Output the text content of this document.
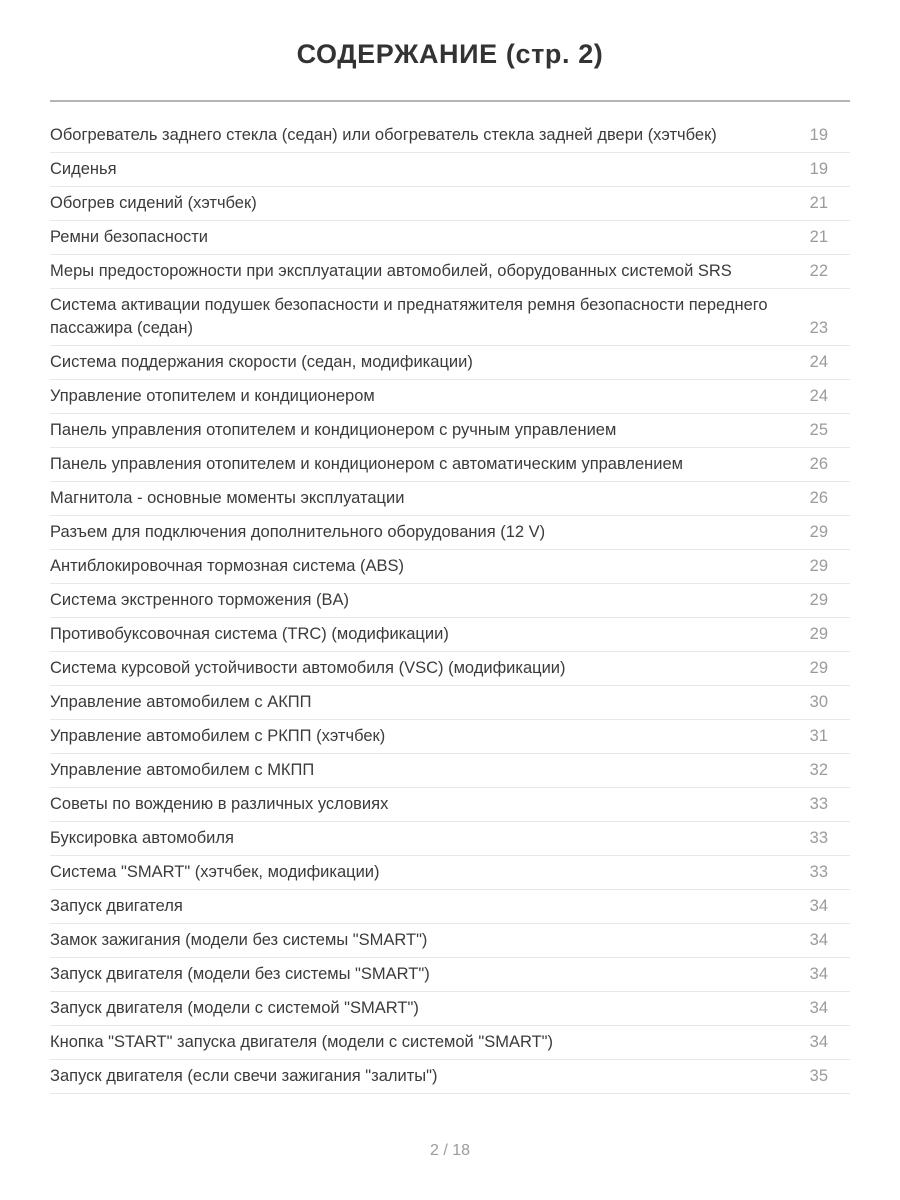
СОДЕРЖАНИЕ (стр. 2)
Обогреватель заднего стекла (седан) или обогреватель стекла задней двери (хэтчбек)	19
Сиденья	19
Обогрев сидений (хэтчбек)	21
Ремни безопасности	21
Меры предосторожности при эксплуатации автомобилей, оборудованных системой SRS	22
Система активации подушек безопасности и преднатяжителя ремня безопасности переднего пассажира (седан)	23
Система поддержания скорости (седан, модификации)	24
Управление отопителем и кондиционером	24
Панель управления отопителем и кондиционером с ручным управлением	25
Панель управления отопителем и кондиционером с автоматическим управлением	26
Магнитола - основные моменты эксплуатации	26
Разъем для подключения дополнительного оборудования (12 V)	29
Антиблокировочная тормозная система (ABS)	29
Система экстренного торможения (BA)	29
Противобуксовочная система (TRC) (модификации)	29
Система курсовой устойчивости автомобиля (VSC) (модификации)	29
Управление автомобилем с АКПП	30
Управление автомобилем с РКПП (хэтчбек)	31
Управление автомобилем с МКПП	32
Советы по вождению в различных условиях	33
Буксировка автомобиля	33
Система "SMART" (хэтчбек, модификации)	33
Запуск двигателя	34
Замок зажигания (модели без системы "SMART")	34
Запуск двигателя (модели без системы "SMART")	34
Запуск двигателя (модели с системой "SMART")	34
Кнопка "START" запуска двигателя (модели с системой "SMART")	34
Запуск двигателя (если свечи зажигания "залиты")	35
2 / 18
